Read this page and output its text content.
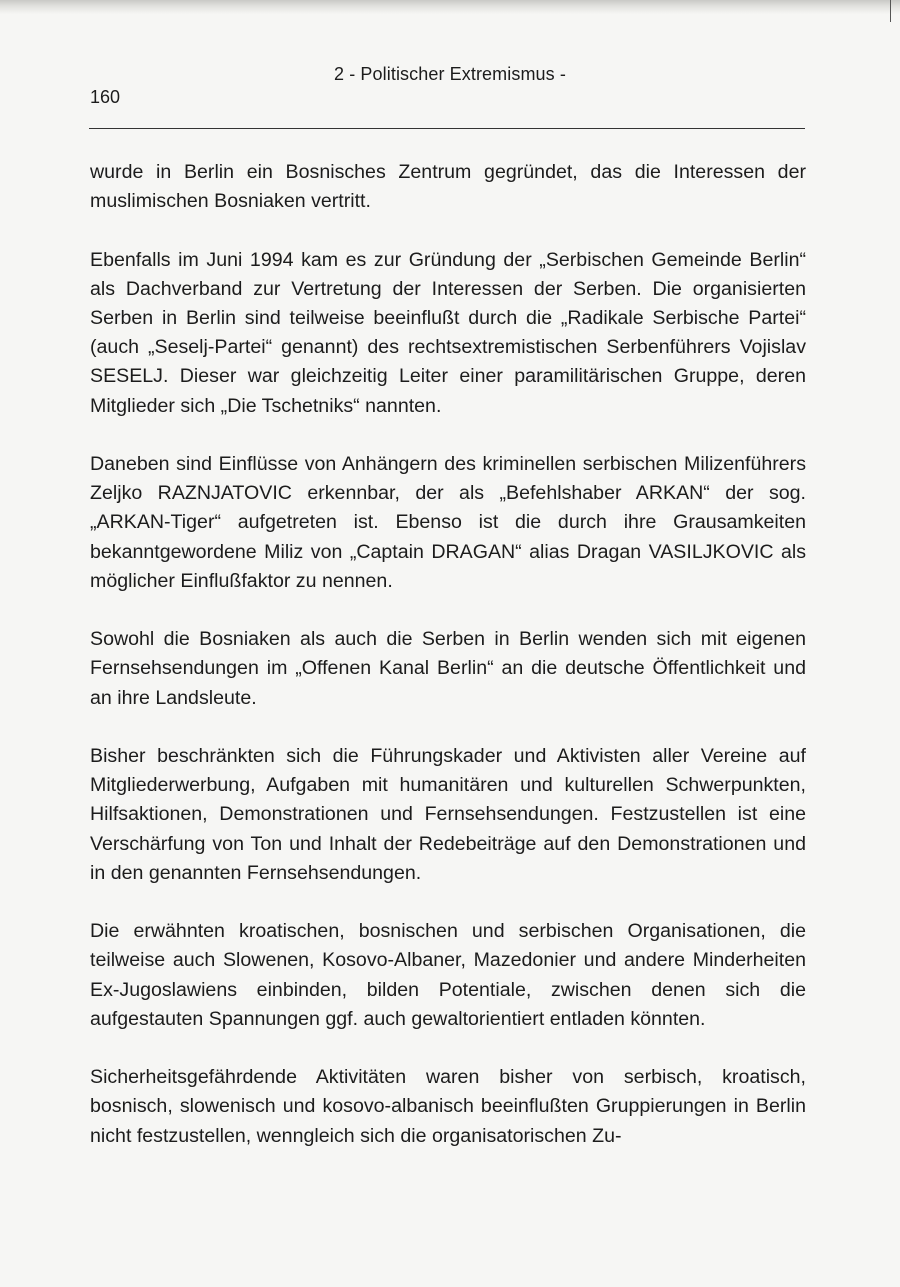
2 - Politischer Extremismus -
160

wurde in Berlin ein Bosnisches Zentrum gegründet, das die Interessen der muslimischen Bosniaken vertritt.

Ebenfalls im Juni 1994 kam es zur Gründung der „Serbischen Gemeinde Berlin“ als Dachverband zur Vertretung der Interessen der Serben. Die organisierten Serben in Berlin sind teilweise beeinflußt durch die „Radikale Serbische Partei“ (auch „Seselj-Partei“ genannt) des rechtsextremistischen Serbenführers Vojislav SESELJ. Dieser war gleichzeitig Leiter einer paramilitärischen Gruppe, deren Mitglieder sich „Die Tschetniks“ nannten.

Daneben sind Einflüsse von Anhängern des kriminellen serbischen Milizenführers Zeljko RAZNJATOVIC erkennbar, der als „Befehlshaber ARKAN“ der sog. „ARKAN-Tiger“ aufgetreten ist. Ebenso ist die durch ihre Grausamkeiten bekanntgewordene Miliz von „Captain DRAGAN“ alias Dragan VASILJKOVIC als möglicher Einflußfaktor zu nennen.

Sowohl die Bosniaken als auch die Serben in Berlin wenden sich mit eigenen Fernsehsendungen im „Offenen Kanal Berlin“ an die deutsche Öffentlichkeit und an ihre Landsleute.

Bisher beschränkten sich die Führungskader und Aktivisten aller Vereine auf Mitgliederwerbung, Aufgaben mit humanitären und kulturellen Schwerpunkten, Hilfsaktionen, Demonstrationen und Fernsehsendungen. Festzustellen ist eine Verschärfung von Ton und Inhalt der Redebeiträge auf den Demonstrationen und in den genannten Fernsehsendungen.

Die erwähnten kroatischen, bosnischen und serbischen Organisationen, die teilweise auch Slowenen, Kosovo-Albaner, Mazedonier und andere Minderheiten Ex-Jugoslawiens einbinden, bilden Potentiale, zwischen denen sich die aufgestauten Spannungen ggf. auch gewaltorientiert entladen könnten.

Sicherheitsgefährdende Aktivitäten waren bisher von serbisch, kroatisch, bosnisch, slowenisch und kosovo-albanisch beeinflußten Gruppierungen in Berlin nicht festzustellen, wenngleich sich die organisatorischen Zu-
